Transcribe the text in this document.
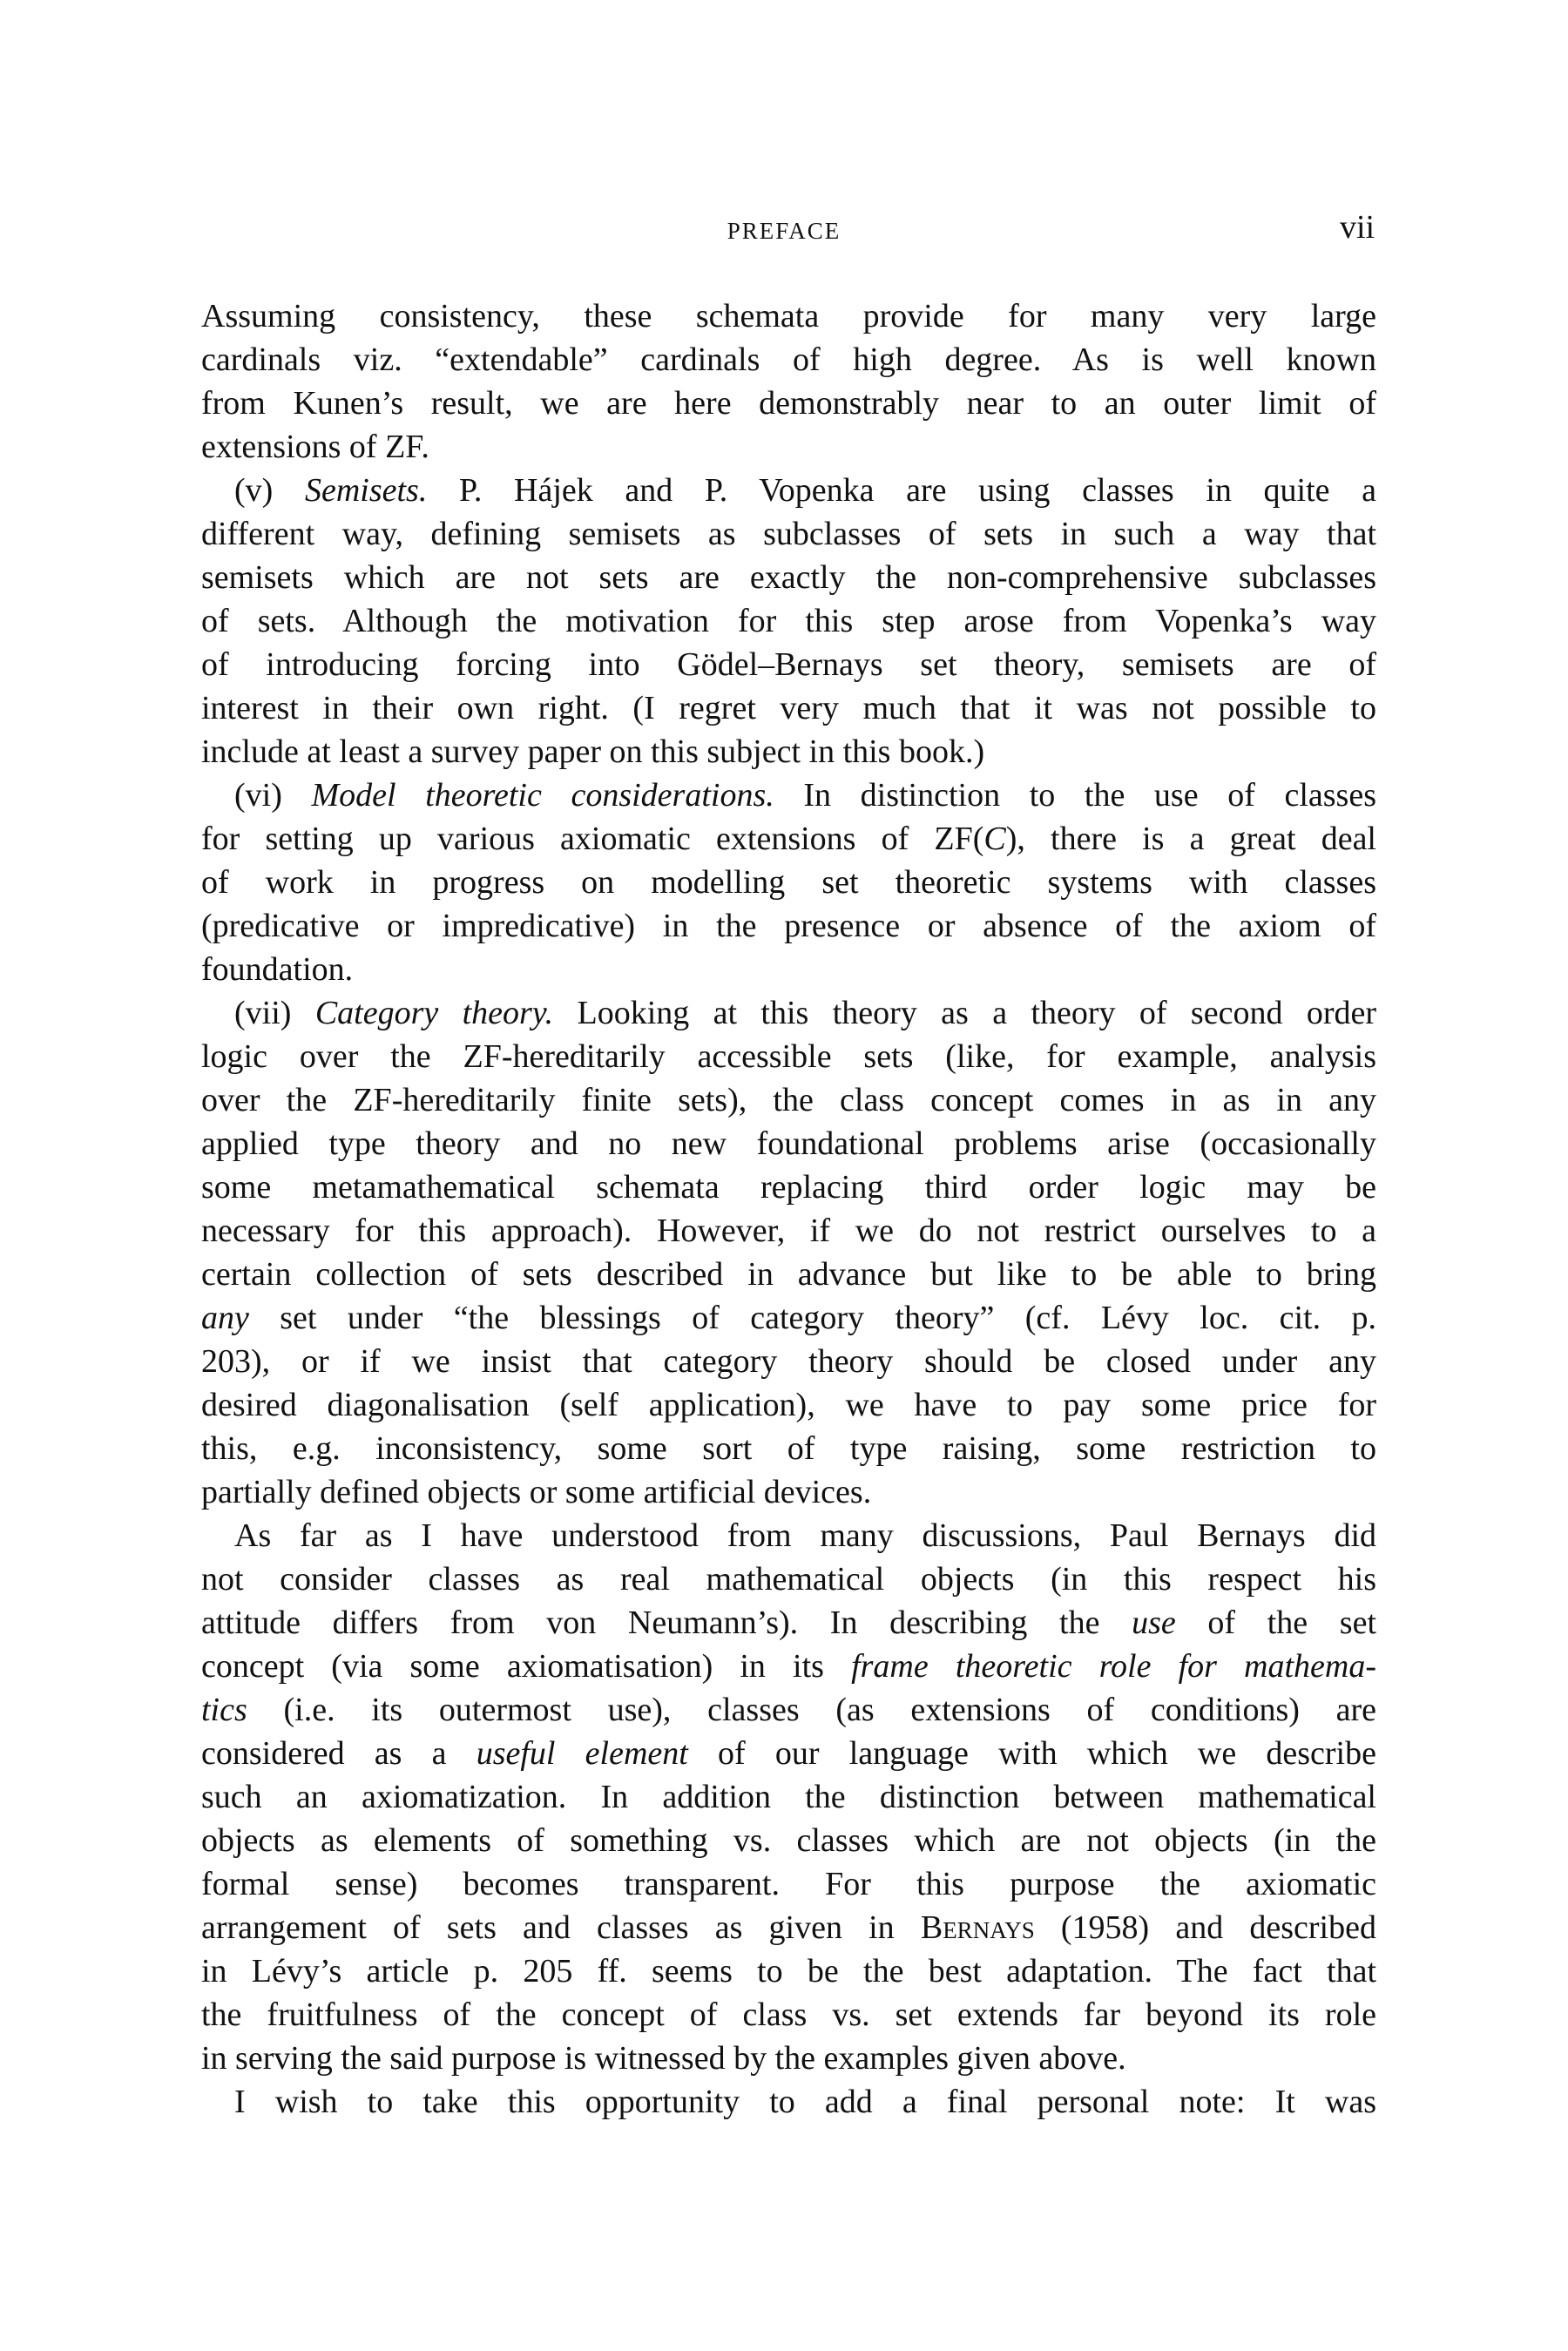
PREFACE	vii
Assuming consistency, these schemata provide for many very large
cardinals viz. “extendable” cardinals of high degree. As is well known
from Kunen’s result, we are here demonstrably near to an outer limit of
extensions of ZF.
(v) Semisets. P. Hájek and P. Vopenka are using classes in quite a
different way, defining semisets as subclasses of sets in such a way that
semisets which are not sets are exactly the non-comprehensive subclasses
of sets. Although the motivation for this step arose from Vopenka’s way
of introducing forcing into Gödel–Bernays set theory, semisets are of
interest in their own right. (I regret very much that it was not possible to
include at least a survey paper on this subject in this book.)
(vi) Model theoretic considerations. In distinction to the use of classes
for setting up various axiomatic extensions of ZF(C), there is a great deal
of work in progress on modelling set theoretic systems with classes
(predicative or impredicative) in the presence or absence of the axiom of
foundation.
(vii) Category theory. Looking at this theory as a theory of second order
logic over the ZF-hereditarily accessible sets (like, for example, analysis
over the ZF-hereditarily finite sets), the class concept comes in as in any
applied type theory and no new foundational problems arise (occasionally
some metamathematical schemata replacing third order logic may be
necessary for this approach). However, if we do not restrict ourselves to a
certain collection of sets described in advance but like to be able to bring
any set under “the blessings of category theory” (cf. Lévy loc. cit. p.
203), or if we insist that category theory should be closed under any
desired diagonalisation (self application), we have to pay some price for
this, e.g. inconsistency, some sort of type raising, some restriction to
partially defined objects or some artificial devices.
As far as I have understood from many discussions, Paul Bernays did
not consider classes as real mathematical objects (in this respect his
attitude differs from von Neumann’s). In describing the use of the set
concept (via some axiomatisation) in its frame theoretic role for mathema-
tics (i.e. its outermost use), classes (as extensions of conditions) are
considered as a useful element of our language with which we describe
such an axiomatization. In addition the distinction between mathematical
objects as elements of something vs. classes which are not objects (in the
formal sense) becomes transparent. For this purpose the axiomatic
arrangement of sets and classes as given in Bernays (1958) and described
in Lévy’s article p. 205 ff. seems to be the best adaptation. The fact that
the fruitfulness of the concept of class vs. set extends far beyond its role
in serving the said purpose is witnessed by the examples given above.
I wish to take this opportunity to add a final personal note: It was
